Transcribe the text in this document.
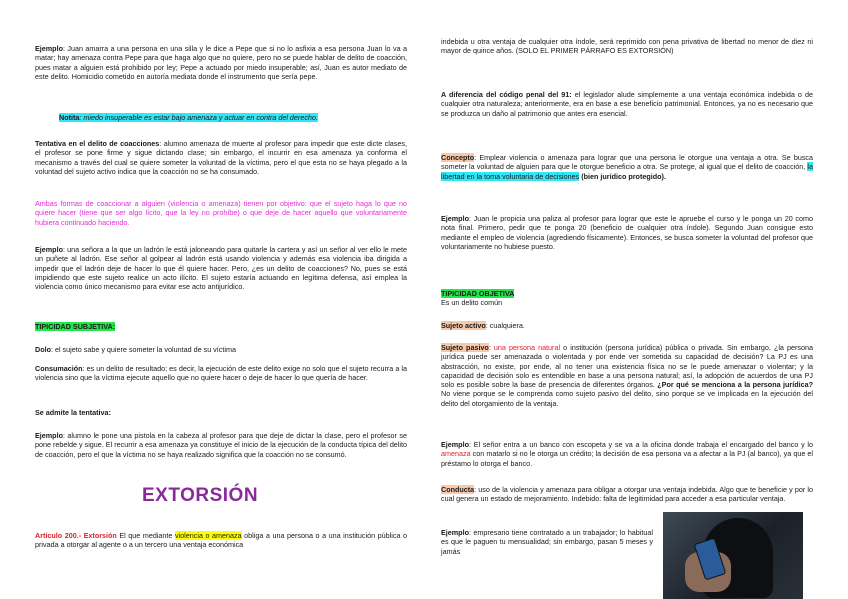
Ejemplo: Juan amarra a una persona en una silla y le dice a Pepe que si no lo asfixia a esa persona Juan lo va a matar; hay amenaza contra Pepe para que haga algo que no quiere, pero no se puede hablar de delito de coacción, pues matar a alguien está prohibido por ley; Pepe a actuado por miedo insuperable; así, Juan es autor mediato de este delito. Homicidio cometido en autoría mediata donde el instrumento que sería pepe.

Notita: miedo insuperable es estar bajo amenaza y actuar en contra del derecho.

Tentativa en el delito de coacciones: alumno amenaza de muerte al profesor para impedir que este dicte clases, el profesor se pone firme y sigue dictando clase; sin embargo, el incurrir en esa amenaza ya conforma el mecanismo a través del cual se quiere someter la voluntad de la víctima, pero el que esta no se haya plegado a la voluntad del sujeto activo indica que la coacción no se ha consumado.

Ambas formas de coaccionar a alguien (violencia o amenaza) tienen por objetivo: que el sujeto haga lo que no quiere hacer (tiene que ser algo lícito, que la ley no prohíbe) o que deje de hacer aquello que voluntariamente hubiera continuado haciendo.

Ejemplo: una señora a la que un ladrón le está jaloneando para quitarle la cartera y así un señor al ver ello le mete un puñete al ladrón. Ese señor al golpear al ladrón está usando violencia y además esa violencia iba dirigida a impedir que el ladrón deje de hacer lo que él quiere hacer. Pero, ¿es un delito de coacciones? No, pues se está impidiendo que este sujeto realice un acto ilícito. El sujeto estaría actuando en legítima defensa, así emplea la violencia como único mecanismo para evitar ese acto antijurídico.

TIPICIDAD SUBJETIVA:

Dolo: el sujeto sabe y quiere someter la voluntad de su víctima

Consumación: es un delito de resultado; es decir, la ejecución de este delito exige no solo que el sujeto recurra a la violencia sino que la víctima ejecute aquello que no quiere hacer o deje de hacer lo que quería de hacer.

Se admite la tentativa:

Ejemplo: alumno le pone una pistola en la cabeza al profesor para que deje de dictar la clase, pero el profesor se pone rebelde y sigue. El recurrir a esa amenaza ya constituye el inicio de la ejecución de la conducta típica del delito de coacción, pero el que la víctima no se haya realizado significa que la coacción no se consumó.

Artículo 200.- Extorsión El que mediante violencia o amenaza obliga a una persona o a una institución pública o privada a otorgar al agente o a un tercero una ventaja económica

EXTORSIÓN

indebida u otra ventaja de cualquier otra índole, será reprimido con pena privativa de libertad no menor de diez ni mayor de quince años. (SOLO EL PRIMER PÁRRAFO ES EXTORSIÓN)

A diferencia del código penal del 91: el legislador alude simplemente a una ventaja económica indebida o de cualquier otra naturaleza; anteriormente, era en base a ese beneficio patrimonial. Entonces, ya no es necesario que se produzca un daño al patrimonio que antes era esencial.

Concepto: Emplear violencia o amenaza para lograr que una persona le otorgue una ventaja a otra. Se busca someter la voluntad de alguien para que le otorgue beneficio a otra. Se protege, al igual que el delito de coacción, la libertad en la toma voluntaria de decisiones (bien jurídico protegido).

Ejemplo: Juan le propicia una paliza al profesor para lograr que este le apruebe el curso y le ponga un 20 como nota final. Primero, pedir que te ponga 20 (beneficio de cualquier otra índole). Segundo Juan consigue esto mediante el empleo de violencia (agrediendo físicamente). Entonces, se busca someter la voluntad del profesor que voluntariamente no hubiese puesto.

TIPICIDAD OBJETIVA

Es un delito común

Sujeto activo: cualquiera.

Sujeto pasivo: una persona natural o institución (persona jurídica) pública o privada. Sin embargo, ¿la persona jurídica puede ser amenazada o violentada y por ende ver sometida su capacidad de decisión? La PJ es una abstracción, no existe, por ende, al no tener una existencia física no se le puede amenazar o violentar; y la capacidad de decisión solo es entendible en base a una persona natural; así, la adopción de acuerdos de una PJ solo es posible sobre la base de presencia de diferentes órganos. ¿Por qué se menciona a la persona jurídica? No viene porque se le comprenda como sujeto pasivo del delito, sino porque se ve implicada en la ejecución del delito del otorgamiento de la ventaja.

Ejemplo: El señor entra a un banco con escopeta y se va a la oficina donde trabaja el encargado del banco y lo amenaza con matarlo si no le otorga un crédito; la decisión de esa persona va a afectar a la PJ (al banco), ya que el préstamo lo otorga el banco.

Conducta: uso de la violencia y amenaza para obligar a otorgar una ventaja indebida. Algo que te beneficie y por lo cual genera un estado de mejoramiento. Indebido: falta de legitimidad para acceder a esa particular ventaja.

Ejemplo: empresario tiene contratado a un trabajador; lo habitual es que le paguen tu mensualidad; sin embargo, pasan 5 meses y jamás
